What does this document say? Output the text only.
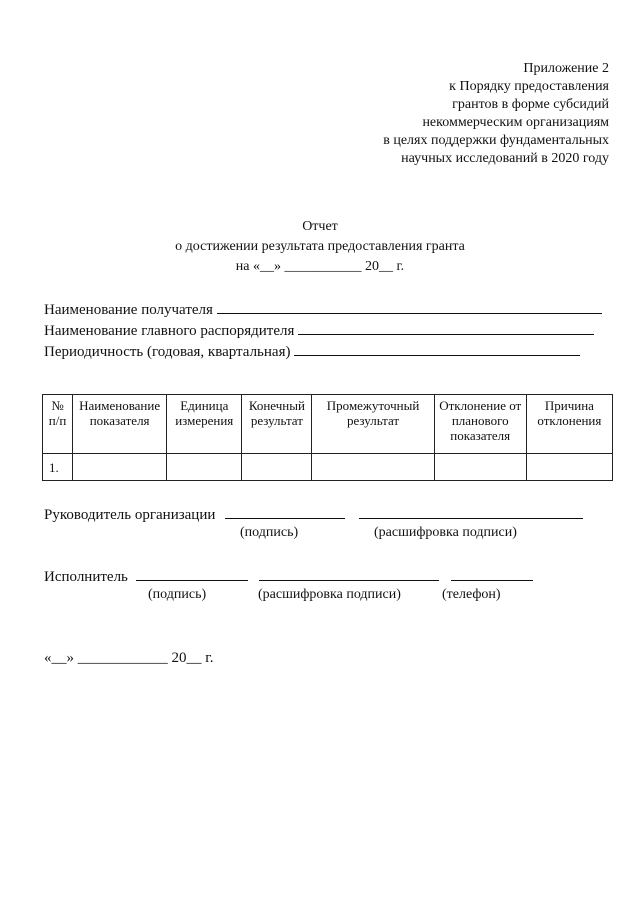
Приложение 2
к Порядку предоставления
грантов в форме субсидий
некоммерческим организациям
в целях поддержки фундаментальных
научных исследований в 2020 году
Отчет
о достижении результата предоставления гранта
на «__» ___________ 20__ г.
Наименование получателя
Наименование главного распорядителя
Периодичность (годовая, квартальная)
№ п/п	Наименование показателя	Единица измерения	Конечный результат	Промежуточный результат	Отклонение от планового показателя	Причина отклонения
1.						
Руководитель организации
(подпись)	(расшифровка подписи)
Исполнитель
(подпись)	(расшифровка подписи)	(телефон)
«__» ____________ 20__ г.
